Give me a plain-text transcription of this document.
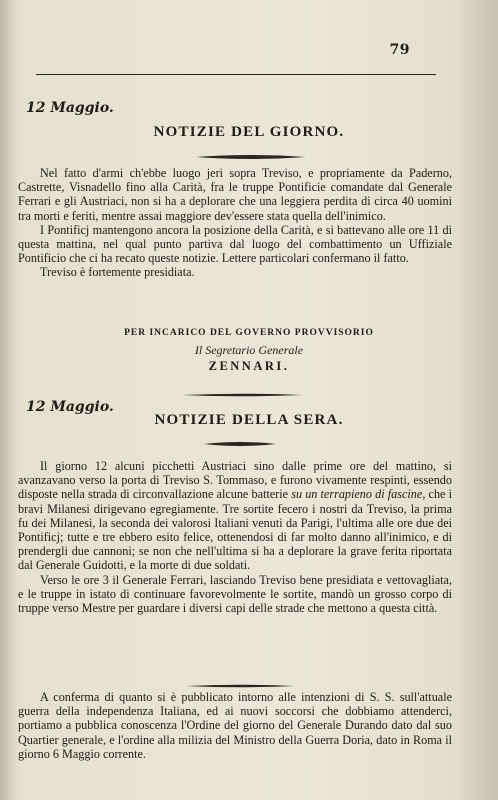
79
12 Maggio.
NOTIZIE DEL GIORNO.

Nel fatto d'armi ch'ebbe luogo jeri sopra Treviso, e propriamente da Paderno, Castrette, Visnadello fino alla Carità, fra le truppe Pontificie comandate dal Generale Ferrari e gli Austriaci, non si ha a deplorare che una leggiera perdita di circa 40 uomini tra morti e feriti, mentre assai maggiore dev'essere stata quella dell'inimico.

I Pontificj mantengono ancora la posizione della Carità, e si battevano alle ore 11 di questa mattina, nel qual punto partiva dal luogo del combattimento un Uffiziale Pontificio che ci ha recato queste notizie. Lettere particolari confermano il fatto.

Treviso è fortemente presidiata.

PER INCARICO DEL GOVERNO PROVVISORIO
Il Segretario Generale
ZENNARI.
12 Maggio.
NOTIZIE DELLA SERA.

Il giorno 12 alcuni picchetti Austriaci sino dalle prime ore del mattino, si avanzavano verso la porta di Treviso S. Tommaso, e furono vivamente respinti, essendo disposte nella strada di circonvallazione alcune batterie su un terrapieno di fascine, che i bravi Milanesi dirigevano egregiamente. Tre sortite fecero i nostri da Treviso, la prima fu dei Milanesi, la seconda dei valorosi Italiani venuti da Parigi, l'ultima alle ore due dei Pontificj; tutte e tre ebbero esito felice, ottenendosi di far molto danno all'inimico, e di prendergli due cannoni; se non che nell'ultima si ha a deplorare la grave ferita riportata dal Generale Guidotti, e la morte di due soldati.

Verso le ore 3 il Generale Ferrari, lasciando Treviso bene presidiata e vettovagliata, e le truppe in istato di continuare favorevolmente le sortite, mandò un grosso corpo di truppe verso Mestre per guardare i diversi capi delle strade che mettono a questa città.

A conferma di quanto si è pubblicato intorno alle intenzioni di S. S. sull'attuale guerra della independenza Italiana, ed ai nuovi soccorsi che dobbiamo attenderci, portiamo a pubblica conoscenza l'Ordine del giorno del Generale Durando dato dal suo Quartier generale, e l'ordine alla milizia del Ministro della Guerra Doria, dato in Roma il giorno 6 Maggio corrente.
